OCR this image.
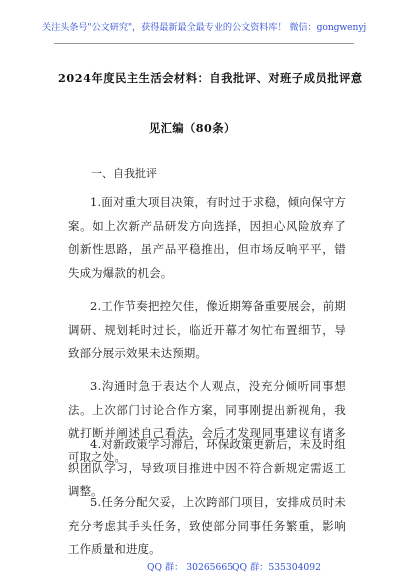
关注头条号"公文研究"，获得最新最全最专业的公文资料库！ 微信：gongwenyj
2024年度民主生活会材料：自我批评、对班子成员批评意
见汇编（80条）
一、自我批评

1.面对重大项目决策，有时过于求稳，倾向保守方案。如上次新产品研发方向选择，因担心风险放弃了创新性思路，虽产品平稳推出，但市场反响平平，错失成为爆款的机会。

2.工作节奏把控欠佳，像近期筹备重要展会，前期调研、规划耗时过长，临近开幕才匆忙布置细节，导致部分展示效果未达预期。

3.沟通时急于表达个人观点，没充分倾听同事想法。上次部门讨论合作方案，同事刚提出新视角，我就打断并阐述自己看法，会后才发现同事建议有诸多可取之处。

4.对新政策学习滞后，环保政策更新后，未及时组织团队学习，导致项目推进中因不符合新规定需返工调整。

5.任务分配欠妥，上次跨部门项目，安排成员时未充分考虑其手头任务，致使部分同事任务繁重，影响工作质量和进度。

QQ 群： 30265665
QQ 群：535304092
